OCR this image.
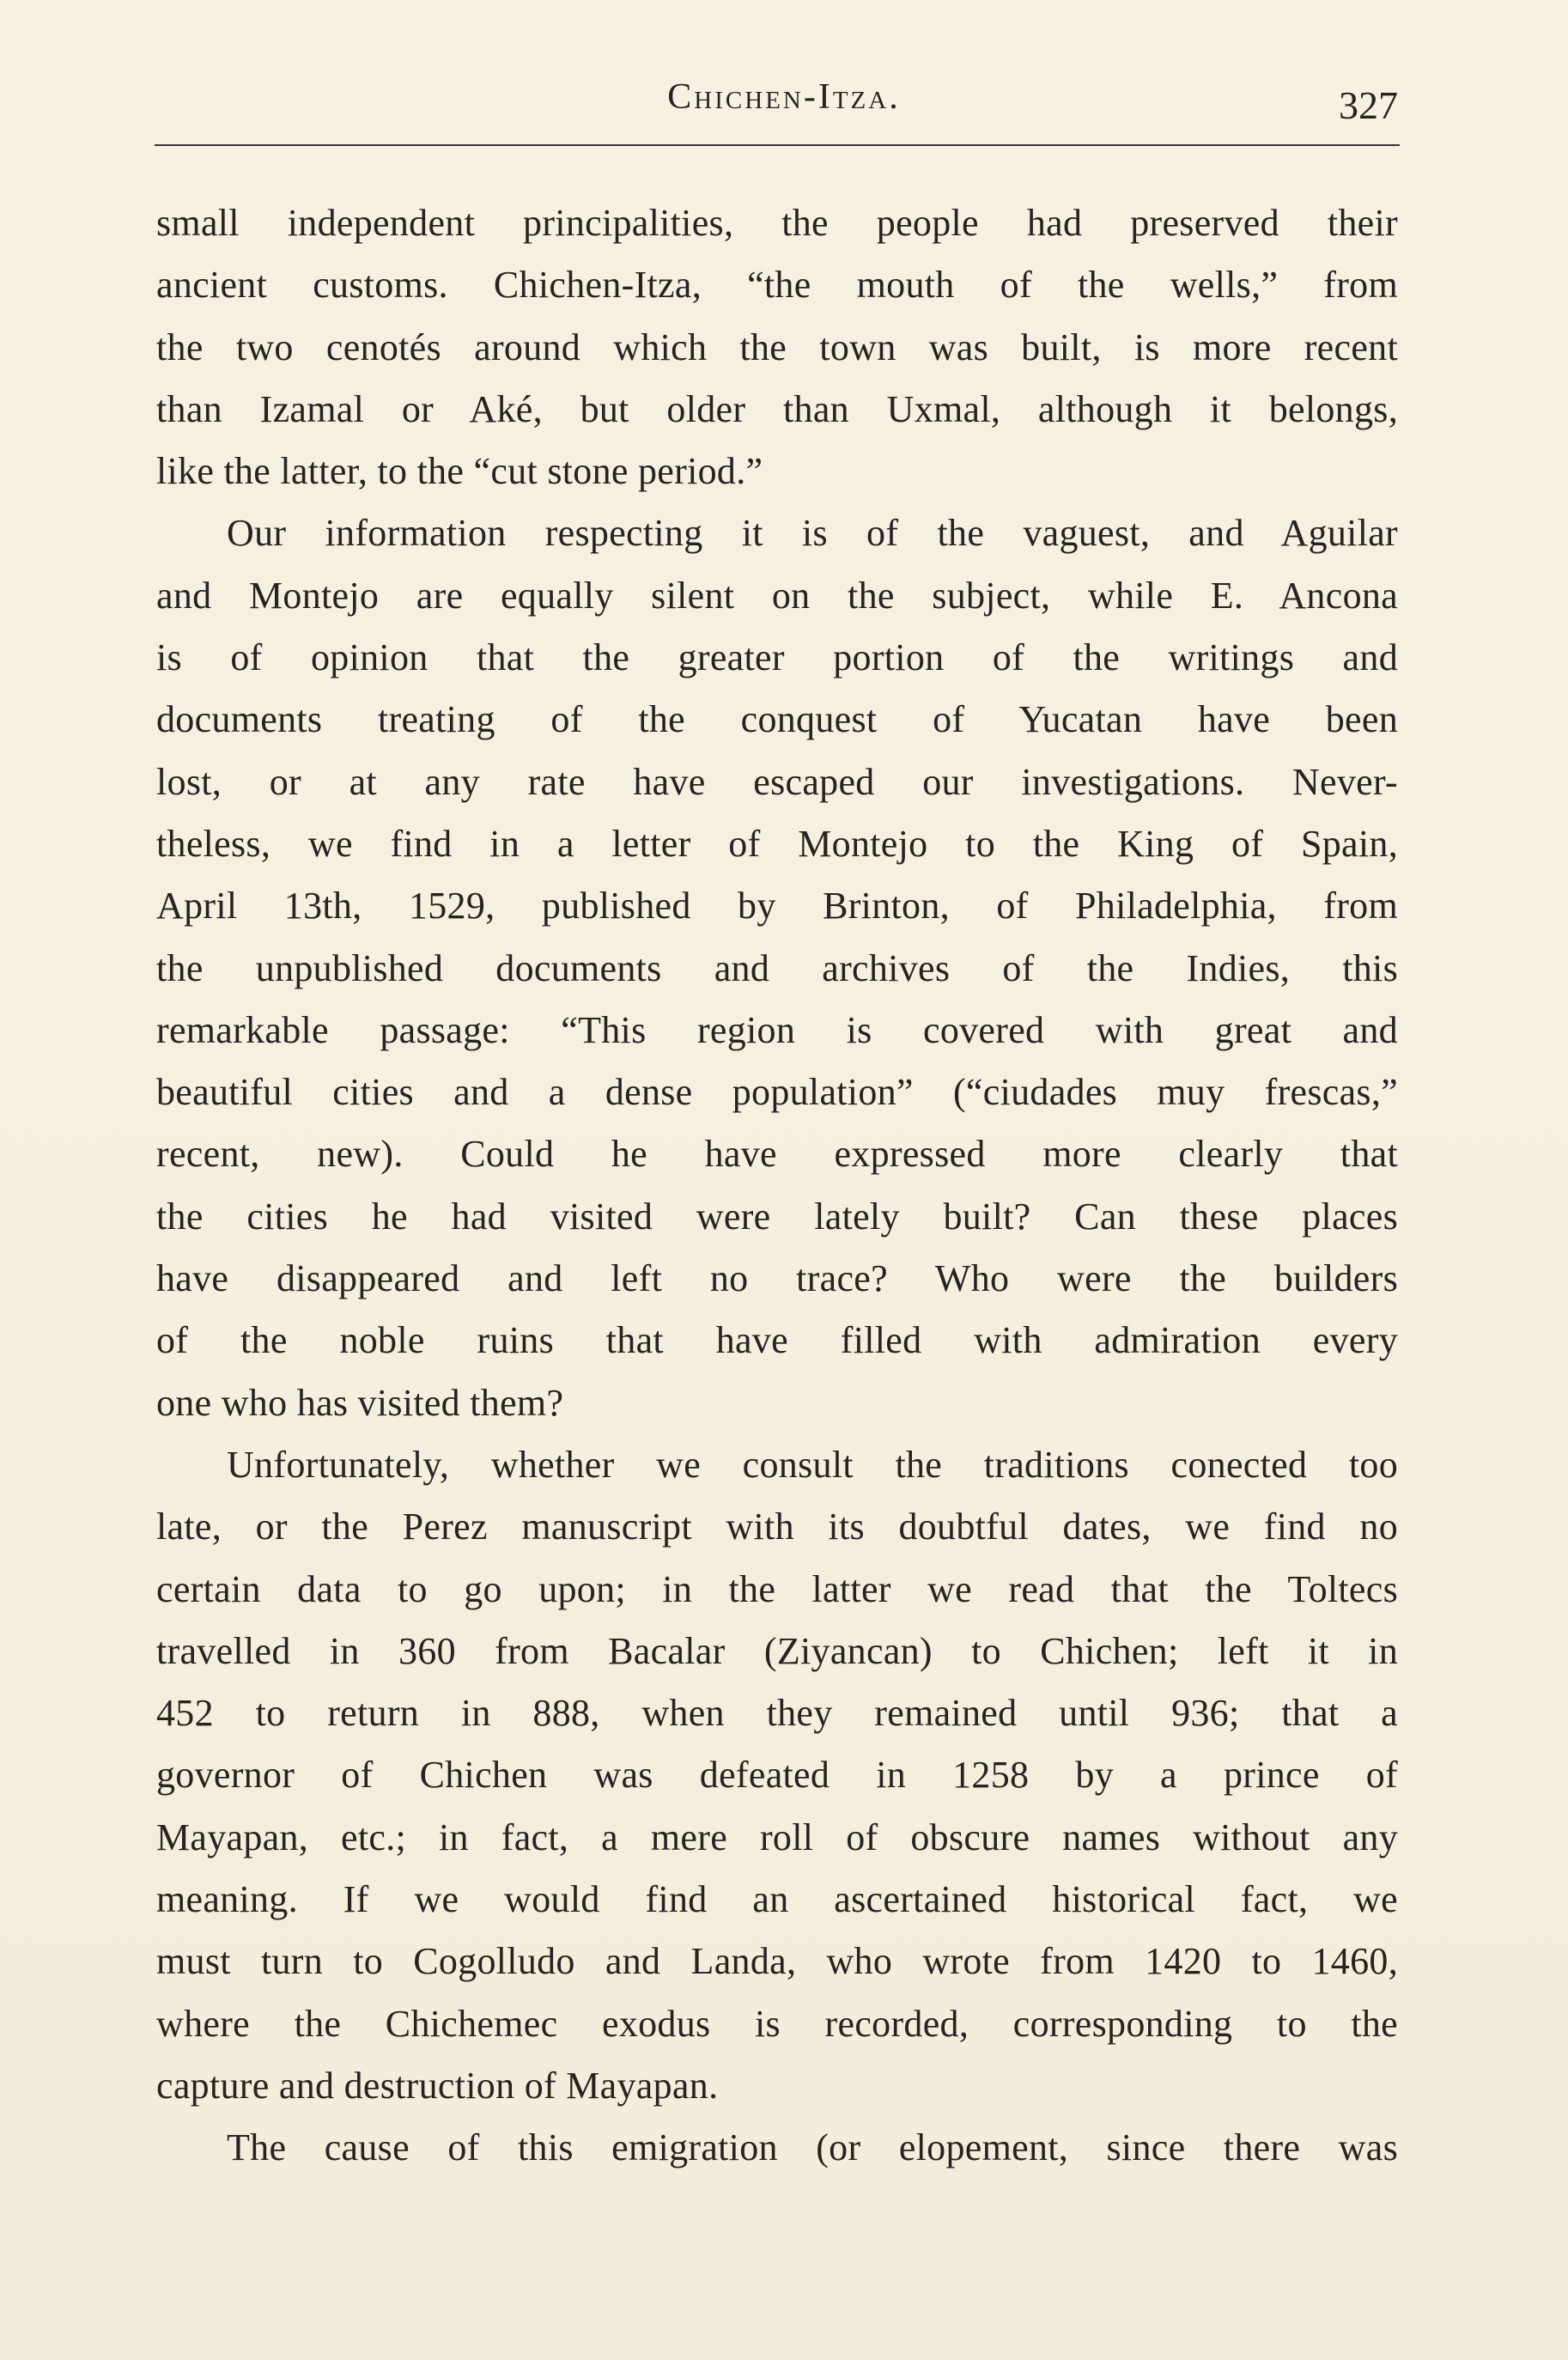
Chichen-Itza.	327
small independent principalities, the people had preserved their
ancient customs. Chichen-Itza, “the mouth of the wells,” from
the two cenotés around which the town was built, is more recent
than Izamal or Aké, but older than Uxmal, although it belongs,
like the latter, to the “cut stone period.”
Our information respecting it is of the vaguest, and Aguilar
and Montejo are equally silent on the subject, while E. Ancona
is of opinion that the greater portion of the writings and
documents treating of the conquest of Yucatan have been
lost, or at any rate have escaped our investigations. Never-
theless, we find in a letter of Montejo to the King of Spain,
April 13th, 1529, published by Brinton, of Philadelphia, from
the unpublished documents and archives of the Indies, this
remarkable passage: “This region is covered with great and
beautiful cities and a dense population” (“ciudades muy frescas,”
recent, new). Could he have expressed more clearly that
the cities he had visited were lately built? Can these places
have disappeared and left no trace? Who were the builders
of the noble ruins that have filled with admiration every
one who has visited them?
Unfortunately, whether we consult the traditions conected too
late, or the Perez manuscript with its doubtful dates, we find no
certain data to go upon; in the latter we read that the Toltecs
travelled in 360 from Bacalar (Ziyancan) to Chichen; left it in
452 to return in 888, when they remained until 936; that a
governor of Chichen was defeated in 1258 by a prince of
Mayapan, etc.; in fact, a mere roll of obscure names without any
meaning. If we would find an ascertained historical fact, we
must turn to Cogolludo and Landa, who wrote from 1420 to 1460,
where the Chichemec exodus is recorded, corresponding to the
capture and destruction of Mayapan.
The cause of this emigration (or elopement, since there was
